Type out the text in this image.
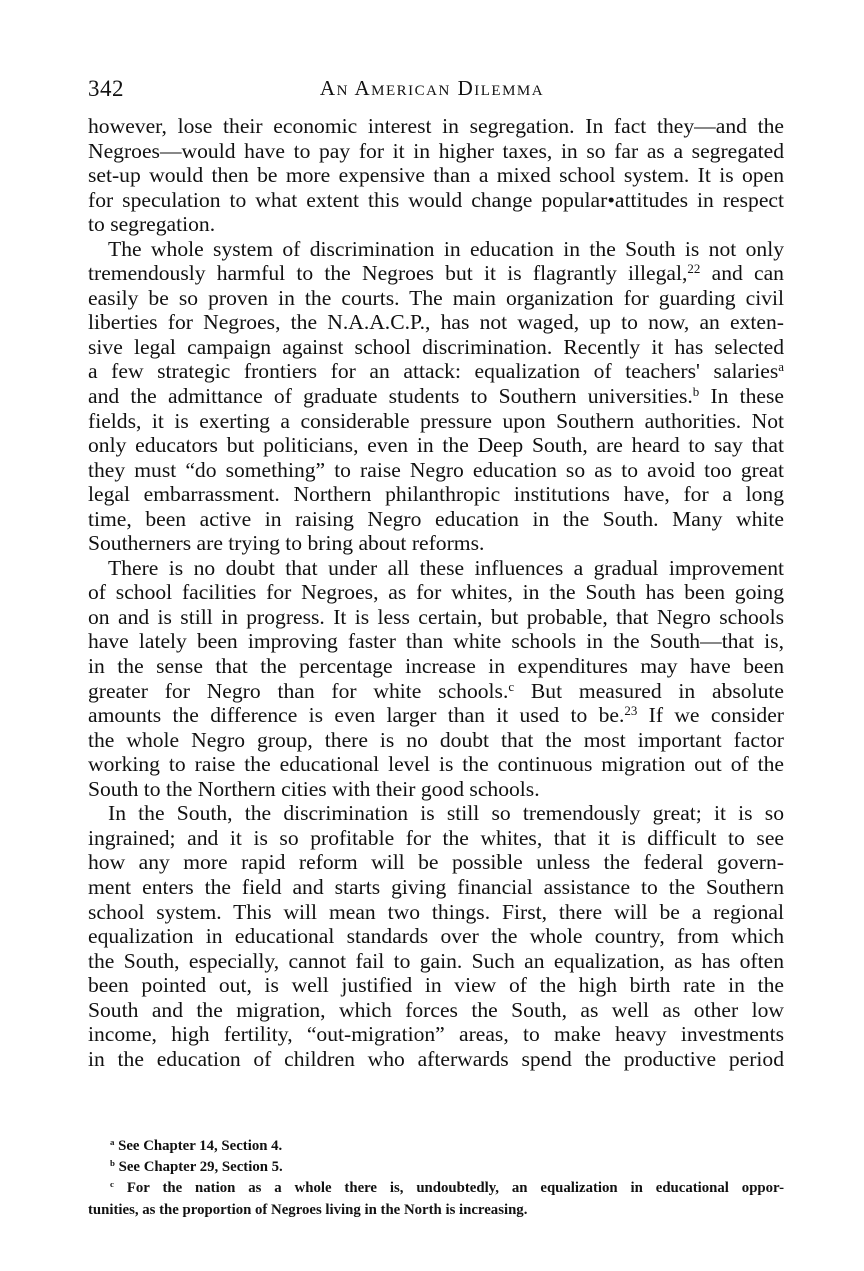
342	An American Dilemma
however, lose their economic interest in segregation. In fact they—and the
Negroes—would have to pay for it in higher taxes, in so far as a segregated
set-up would then be more expensive than a mixed school system. It is open
for speculation to what extent this would change popular•attitudes in respect
to segregation.
The whole system of discrimination in education in the South is not only
tremendously harmful to the Negroes but it is flagrantly illegal,$^{22}$ and can
easily be so proven in the courts. The main organization for guarding civil
liberties for Negroes, the N.A.A.C.P., has not waged, up to now, an exten-
sive legal campaign against school discrimination. Recently it has selected
a few strategic frontiers for an attack: equalization of teachers' salaries$^a$
and the admittance of graduate students to Southern universities.$^b$ In these
fields, it is exerting a considerable pressure upon Southern authorities. Not
only educators but politicians, even in the Deep South, are heard to say that
they must “do something” to raise Negro education so as to avoid too great
legal embarrassment. Northern philanthropic institutions have, for a long
time, been active in raising Negro education in the South. Many white
Southerners are trying to bring about reforms.
There is no doubt that under all these influences a gradual improvement
of school facilities for Negroes, as for whites, in the South has been going
on and is still in progress. It is less certain, but probable, that Negro schools
have lately been improving faster than white schools in the South—that is,
in the sense that the percentage increase in expenditures may have been
greater for Negro than for white schools.$^c$ But measured in absolute
amounts the difference is even larger than it used to be.$^{23}$ If we consider
the whole Negro group, there is no doubt that the most important factor
working to raise the educational level is the continuous migration out of the
South to the Northern cities with their good schools.
In the South, the discrimination is still so tremendously great; it is so
ingrained; and it is so profitable for the whites, that it is difficult to see
how any more rapid reform will be possible unless the federal govern-
ment enters the field and starts giving financial assistance to the Southern
school system. This will mean two things. First, there will be a regional
equalization in educational standards over the whole country, from which
the South, especially, cannot fail to gain. Such an equalization, as has often
been pointed out, is well justified in view of the high birth rate in the
South and the migration, which forces the South, as well as other low
income, high fertility, “out-migration” areas, to make heavy investments
in the education of children who afterwards spend the productive period
$^a$ See Chapter 14, Section 4.
$^b$ See Chapter 29, Section 5.
$^c$ For the nation as a whole there is, undoubtedly, an equalization in educational oppor-
tunities, as the proportion of Negroes living in the North is increasing.
